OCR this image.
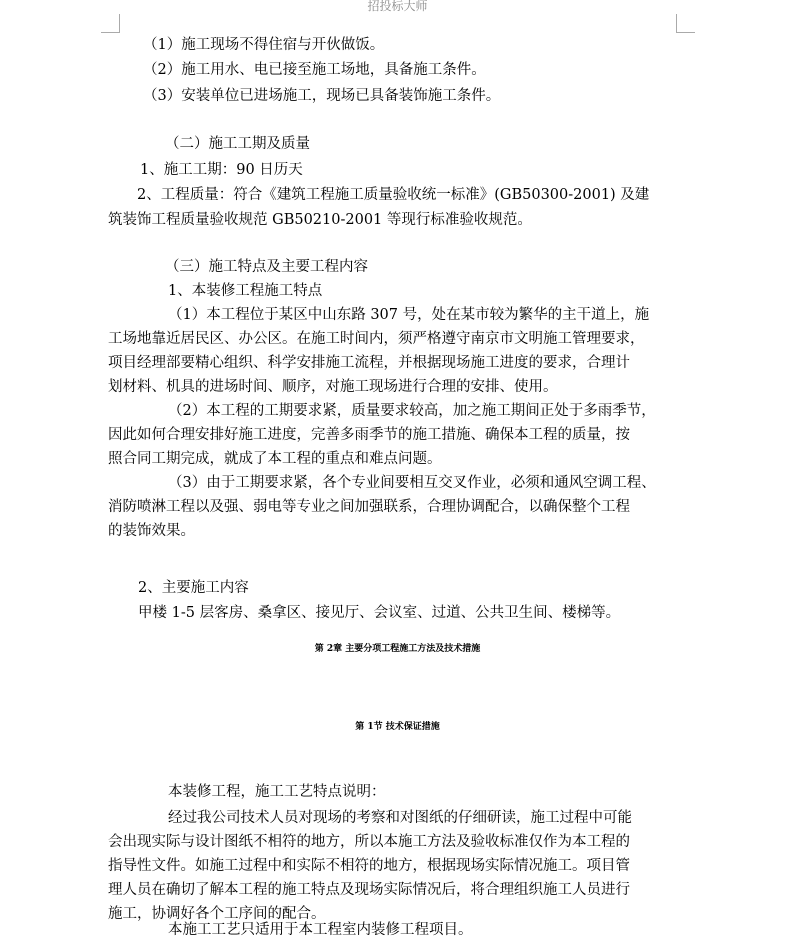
招投标大师
（1）施工现场不得住宿与开伙做饭。
（2）施工用水、电已接至施工场地，具备施工条件。
（3）安装单位已进场施工，现场已具备装饰施工条件。
（二）施工工期及质量
1、施工工期：90 日历天
2、工程质量：符合《建筑工程施工质量验收统一标准》(GB50300-2001) 及建
筑装饰工程质量验收规范 GB50210-2001 等现行标准验收规范。
（三）施工特点及主要工程内容
1、本装修工程施工特点
（1）本工程位于某区中山东路 307 号，处在某市较为繁华的主干道上，施
工场地靠近居民区、办公区。在施工时间内，须严格遵守南京市文明施工管理要求，
项目经理部要精心组织、科学安排施工流程，并根据现场施工进度的要求，合理计
划材料、机具的进场时间、顺序，对施工现场进行合理的安排、使用。
（2）本工程的工期要求紧，质量要求较高，加之施工期间正处于多雨季节，
因此如何合理安排好施工进度，完善多雨季节的施工措施、确保本工程的质量，按
照合同工期完成，就成了本工程的重点和难点问题。
（3）由于工期要求紧，各个专业间要相互交叉作业，必须和通风空调工程、
消防喷淋工程以及强、弱电等专业之间加强联系，合理协调配合，以确保整个工程
的装饰效果。
2、主要施工内容
甲楼 1-5 层客房、桑拿区、接见厅、会议室、过道、公共卫生间、楼梯等。
第 2章 主要分项工程施工方法及技术措施
第 1节 技术保证措施
本装修工程，施工工艺特点说明：
经过我公司技术人员对现场的考察和对图纸的仔细研读，施工过程中可能
会出现实际与设计图纸不相符的地方，所以本施工方法及验收标准仅作为本工程的
指导性文件。如施工过程中和实际不相符的地方，根据现场实际情况施工。项目管
理人员在确切了解本工程的施工特点及现场实际情况后，将合理组织施工人员进行
施工，协调好各个工序间的配合。
本施工工艺只适用于本工程室内装修工程项目。
